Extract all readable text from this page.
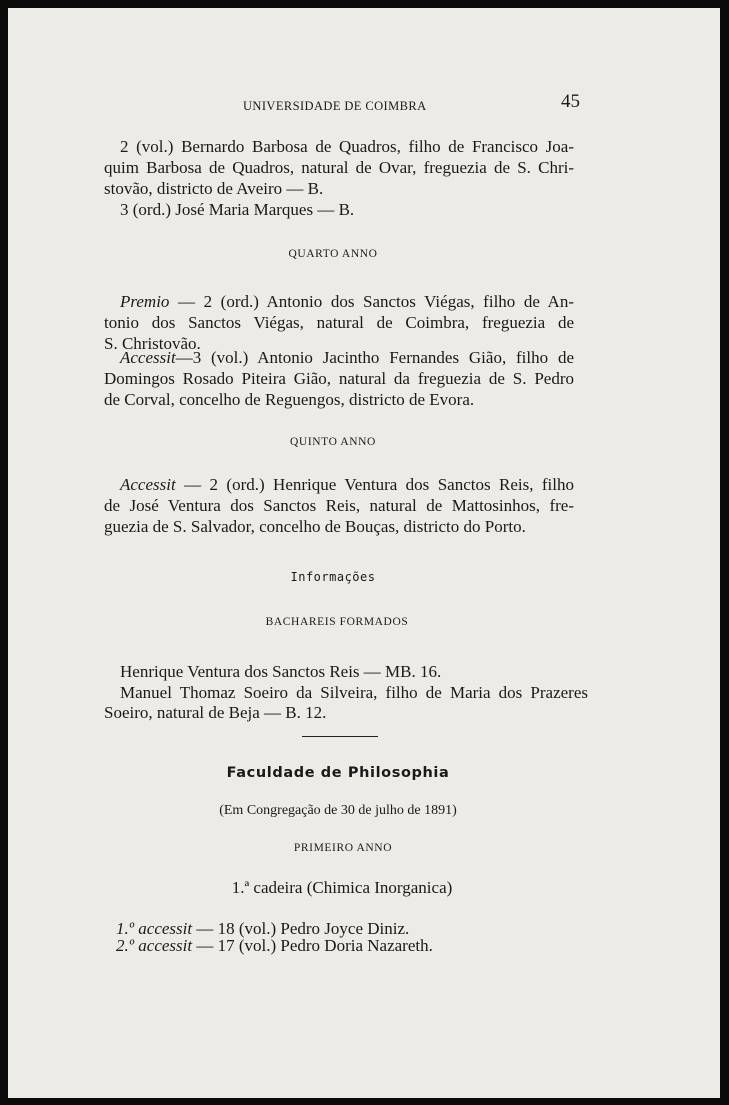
UNIVERSIDADE DE COIMBRA	45
2 (vol.) Bernardo Barbosa de Quadros, filho de Francisco Joa-
quim Barbosa de Quadros, natural de Ovar, freguezia de S. Chri-
stovão, districto de Aveiro — B.
3 (ord.) José Maria Marques — B.
QUARTO ANNO
Premio — 2 (ord.) Antonio dos Sanctos Viégas, filho de An-
tonio dos Sanctos Viégas, natural de Coimbra, freguezia de
S. Christovão.
Accessit—3 (vol.) Antonio Jacintho Fernandes Gião, filho de
Domingos Rosado Piteira Gião, natural da freguezia de S. Pedro
de Corval, concelho de Reguengos, districto de Evora.
QUINTO ANNO
Accessit — 2 (ord.) Henrique Ventura dos Sanctos Reis, filho
de José Ventura dos Sanctos Reis, natural de Mattosinhos, fre-
guezia de S. Salvador, concelho de Bouças, districto do Porto.
Informações
BACHAREIS FORMADOS
Henrique Ventura dos Sanctos Reis — MB. 16.
Manuel Thomaz Soeiro da Silveira, filho de Maria dos Prazeres
Soeiro, natural de Beja — B. 12.
Faculdade de Philosophia
(Em Congregação de 30 de julho de 1891)
PRIMEIRO ANNO
1.ª cadeira (Chimica Inorganica)
1.º accessit — 18 (vol.) Pedro Joyce Diniz.
2.º accessit — 17 (vol.) Pedro Doria Nazareth.
